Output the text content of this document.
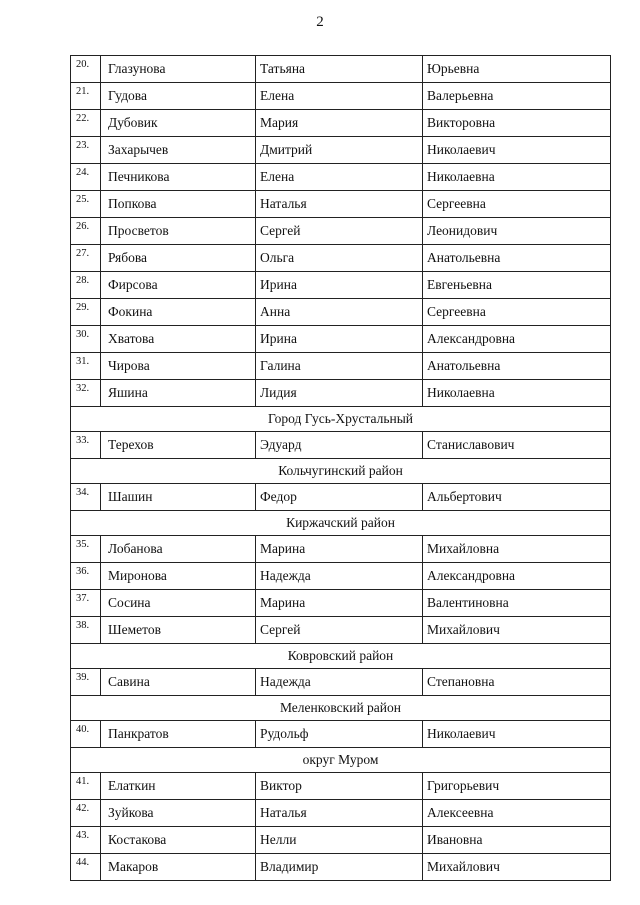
2
20.	Глазунова	Татьяна	Юрьевна
21.	Гудова	Елена	Валерьевна
22.	Дубовик	Мария	Викторовна
23.	Захарычев	Дмитрий	Николаевич
24.	Печникова	Елена	Николаевна
25.	Попкова	Наталья	Сергеевна
26.	Просветов	Сергей	Леонидович
27.	Рябова	Ольга	Анатольевна
28.	Фирсова	Ирина	Евгеньевна
29.	Фокина	Анна	Сергеевна
30.	Хватова	Ирина	Александровна
31.	Чирова	Галина	Анатольевна
32.	Яшина	Лидия	Николаевна
Город Гусь-Хрустальный			
33.	Терехов	Эдуард	Станиславович
Кольчугинский район			
34.	Шашин	Федор	Альбертович
Киржачский район			
35.	Лобанова	Марина	Михайловна
36.	Миронова	Надежда	Александровна
37.	Сосина	Марина	Валентиновна
38.	Шеметов	Сергей	Михайлович
Ковровский район			
39.	Савина	Надежда	Степановна
Меленковский район			
40.	Панкратов	Рудольф	Николаевич
округ Муром			
41.	Елаткин	Виктор	Григорьевич
42.	Зуйкова	Наталья	Алексеевна
43.	Костакова	Нелли	Ивановна
44.	Макаров	Владимир	Михайлович
